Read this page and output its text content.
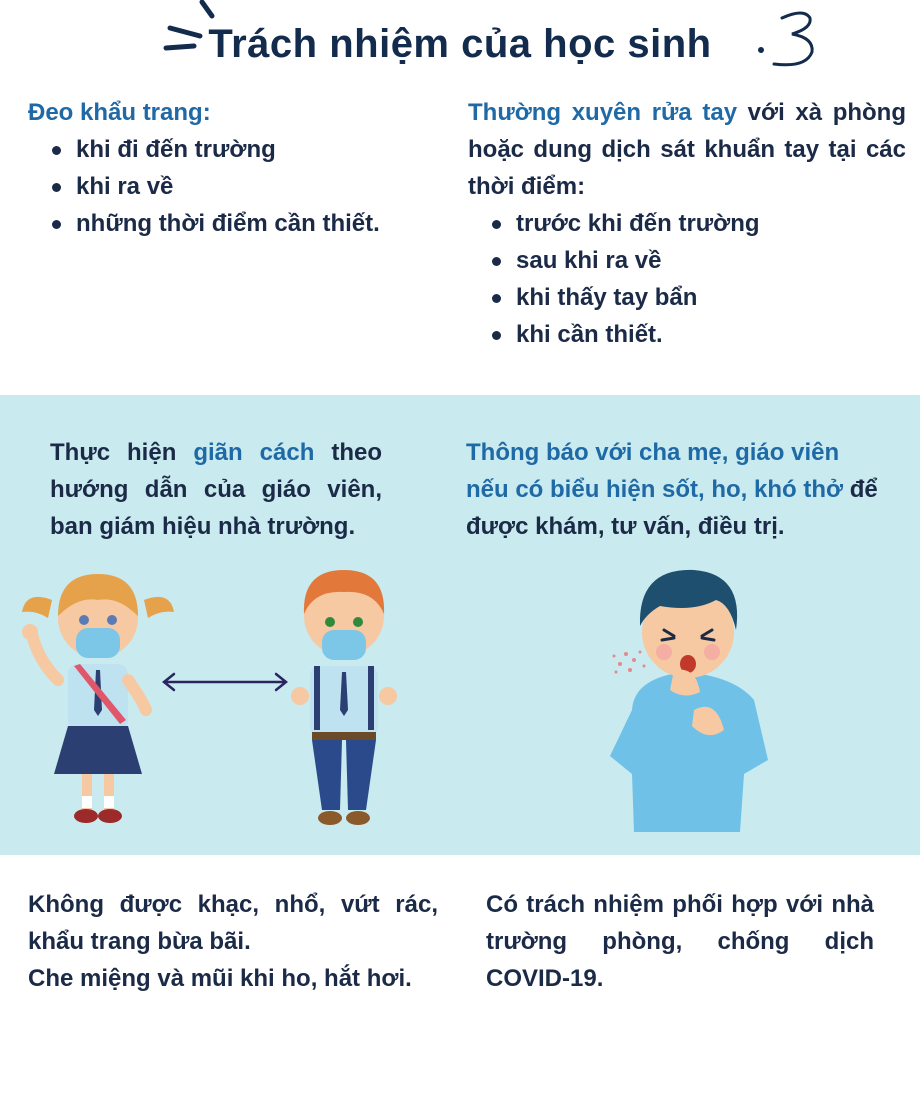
Trách nhiệm của học sinh
Đeo khẩu trang:
khi đi đến trường
khi ra về
những thời điểm cần thiết.
Thường xuyên rửa tay với xà phòng hoặc dung dịch sát khuẩn tay tại các thời điểm:
trước khi đến trường
sau khi ra về
khi thấy tay bẩn
khi cần thiết.
Thực hiện giãn cách theo hướng dẫn của giáo viên, ban giám hiệu nhà trường.
Thông báo với cha mẹ, giáo viên nếu có biểu hiện sốt, ho, khó thở để được khám, tư vấn, điều trị.
Không được khạc, nhổ, vứt rác, khẩu trang bừa bãi.
Che miệng và mũi khi ho, hắt hơi.
Có trách nhiệm phối hợp với nhà trường phòng, chống dịch COVID-19.
